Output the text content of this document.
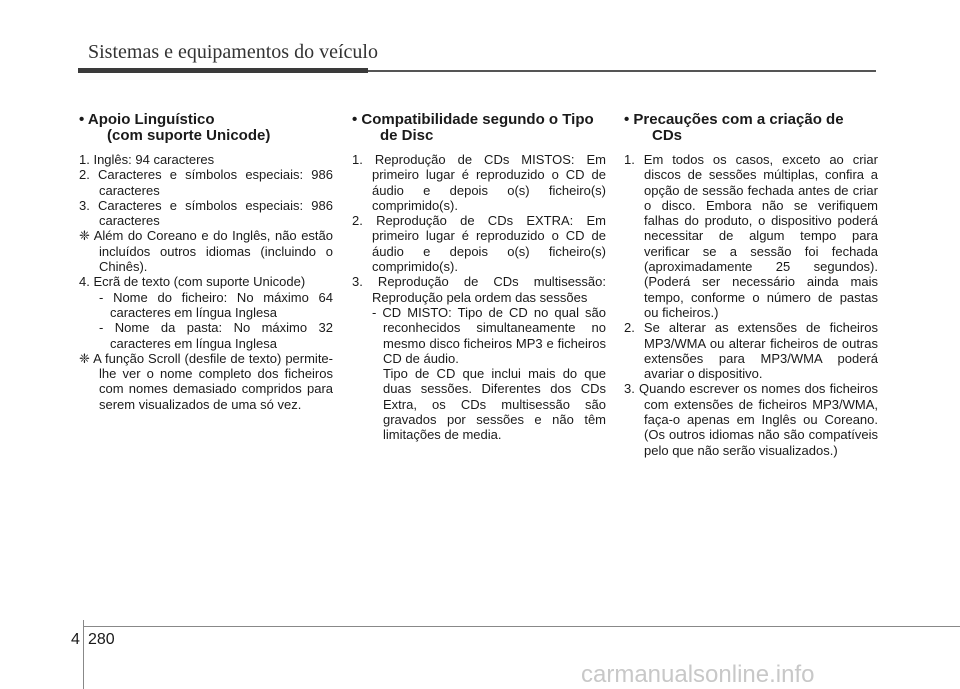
Sistemas e equipamentos do veículo
• Apoio Linguístico
(com suporte Unicode)

1. Inglês: 94 caracteres

2. Caracteres e símbolos especiais: 986 caracteres

3. Caracteres e símbolos especiais: 986 caracteres

❈ Além do Coreano e do Inglês, não estão incluídos outros idiomas (incluindo o Chinês).

4. Ecrã de texto (com suporte Unicode)

- Nome do ficheiro: No máximo 64 caracteres em língua Inglesa

- Nome da pasta: No máximo 32 caracteres em língua Inglesa

❈ A função Scroll (desfile de texto) permite-lhe ver o nome completo dos ficheiros com nomes demasiado compridos para serem visualizados de uma só vez.

• Compatibilidade segundo o Tipo
de Disc

1. Reprodução de CDs MISTOS: Em primeiro lugar é reproduzido o CD de áudio e depois o(s) ficheiro(s) comprimido(s).

2. Reprodução de CDs EXTRA: Em primeiro lugar é reproduzido o CD de áudio e depois o(s) ficheiro(s) comprimido(s).

3. Reprodução de CDs multisessão: Reprodução pela ordem das sessões

- CD MISTO: Tipo de CD no qual são reconhecidos simultaneamente no mesmo disco ficheiros MP3 e ficheiros CD de áudio.

Tipo de CD que inclui mais do que duas sessões. Diferentes dos CDs Extra, os CDs multisessão são gravados por sessões e não têm limitações de media.

• Precauções com a criação de
CDs

1. Em todos os casos, exceto ao criar discos de sessões múltiplas, confira a opção de sessão fechada antes de criar o disco. Embora não se verifiquem falhas do produto, o dispositivo poderá necessitar de algum tempo para verificar se a sessão foi fechada (aproximadamente 25 segundos). (Poderá ser necessário ainda mais tempo, conforme o número de pastas ou ficheiros.)

2. Se alterar as extensões de ficheiros MP3/WMA ou alterar ficheiros de outras extensões para MP3/WMA poderá avariar o dispositivo.

3. Quando escrever os nomes dos ficheiros com extensões de ficheiros MP3/WMA, faça-o apenas em Inglês ou Coreano. (Os outros idiomas não são compatíveis pelo que não serão visualizados.)

4 280
carmanualsonline.info
